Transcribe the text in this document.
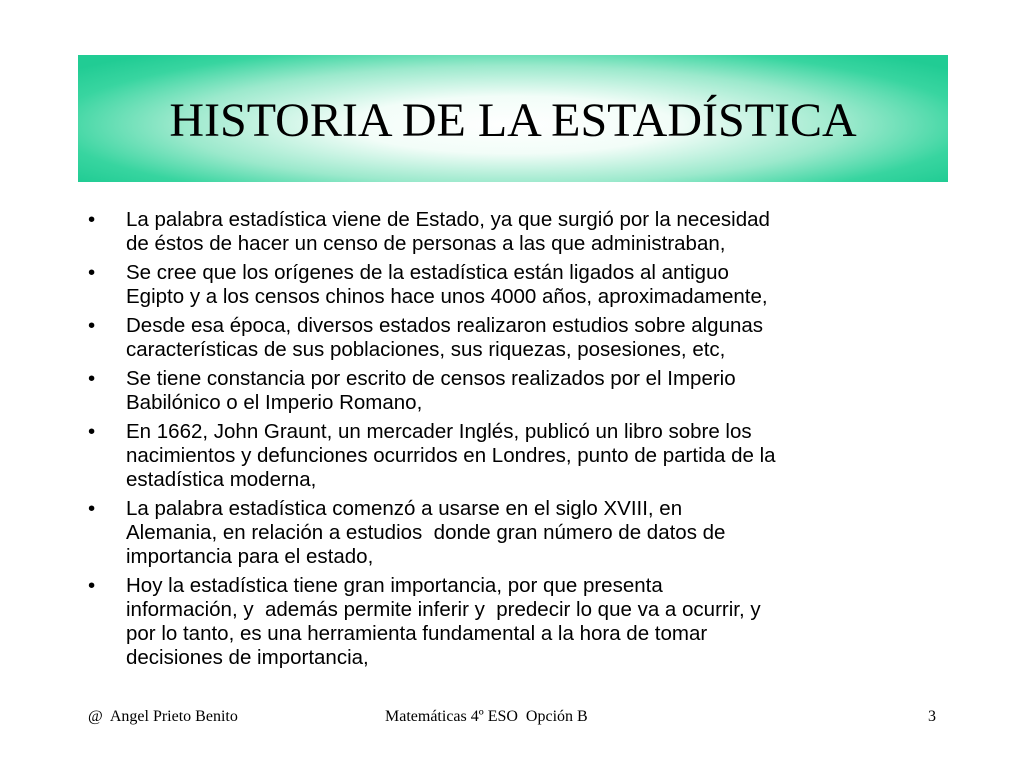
HISTORIA DE LA ESTADÍSTICA
•	La palabra estadística viene de Estado, ya que surgió por la necesidad
de éstos de hacer un censo de personas a las que administraban,
•	Se cree que los orígenes de la estadística están ligados al antiguo
Egipto y a los censos chinos hace unos 4000 años, aproximadamente,
•	Desde esa época, diversos estados realizaron estudios sobre algunas
características de sus poblaciones, sus riquezas, posesiones, etc,
•	Se tiene constancia por escrito de censos realizados por el Imperio
Babilónico o el Imperio Romano,
•	En 1662, John Graunt, un mercader Inglés, publicó un libro sobre los
nacimientos y defunciones ocurridos en Londres, punto de partida de la
estadística moderna,
•	La palabra estadística comenzó a usarse en el siglo XVIII, en
Alemania, en relación a estudios  donde gran número de datos de
importancia para el estado,
•	Hoy la estadística tiene gran importancia, por que presenta
información, y  además permite inferir y  predecir lo que va a ocurrir, y
por lo tanto, es una herramienta fundamental a la hora de tomar
decisiones de importancia,
@  Angel Prieto Benito	Matemáticas 4º ESO  Opción B	3
